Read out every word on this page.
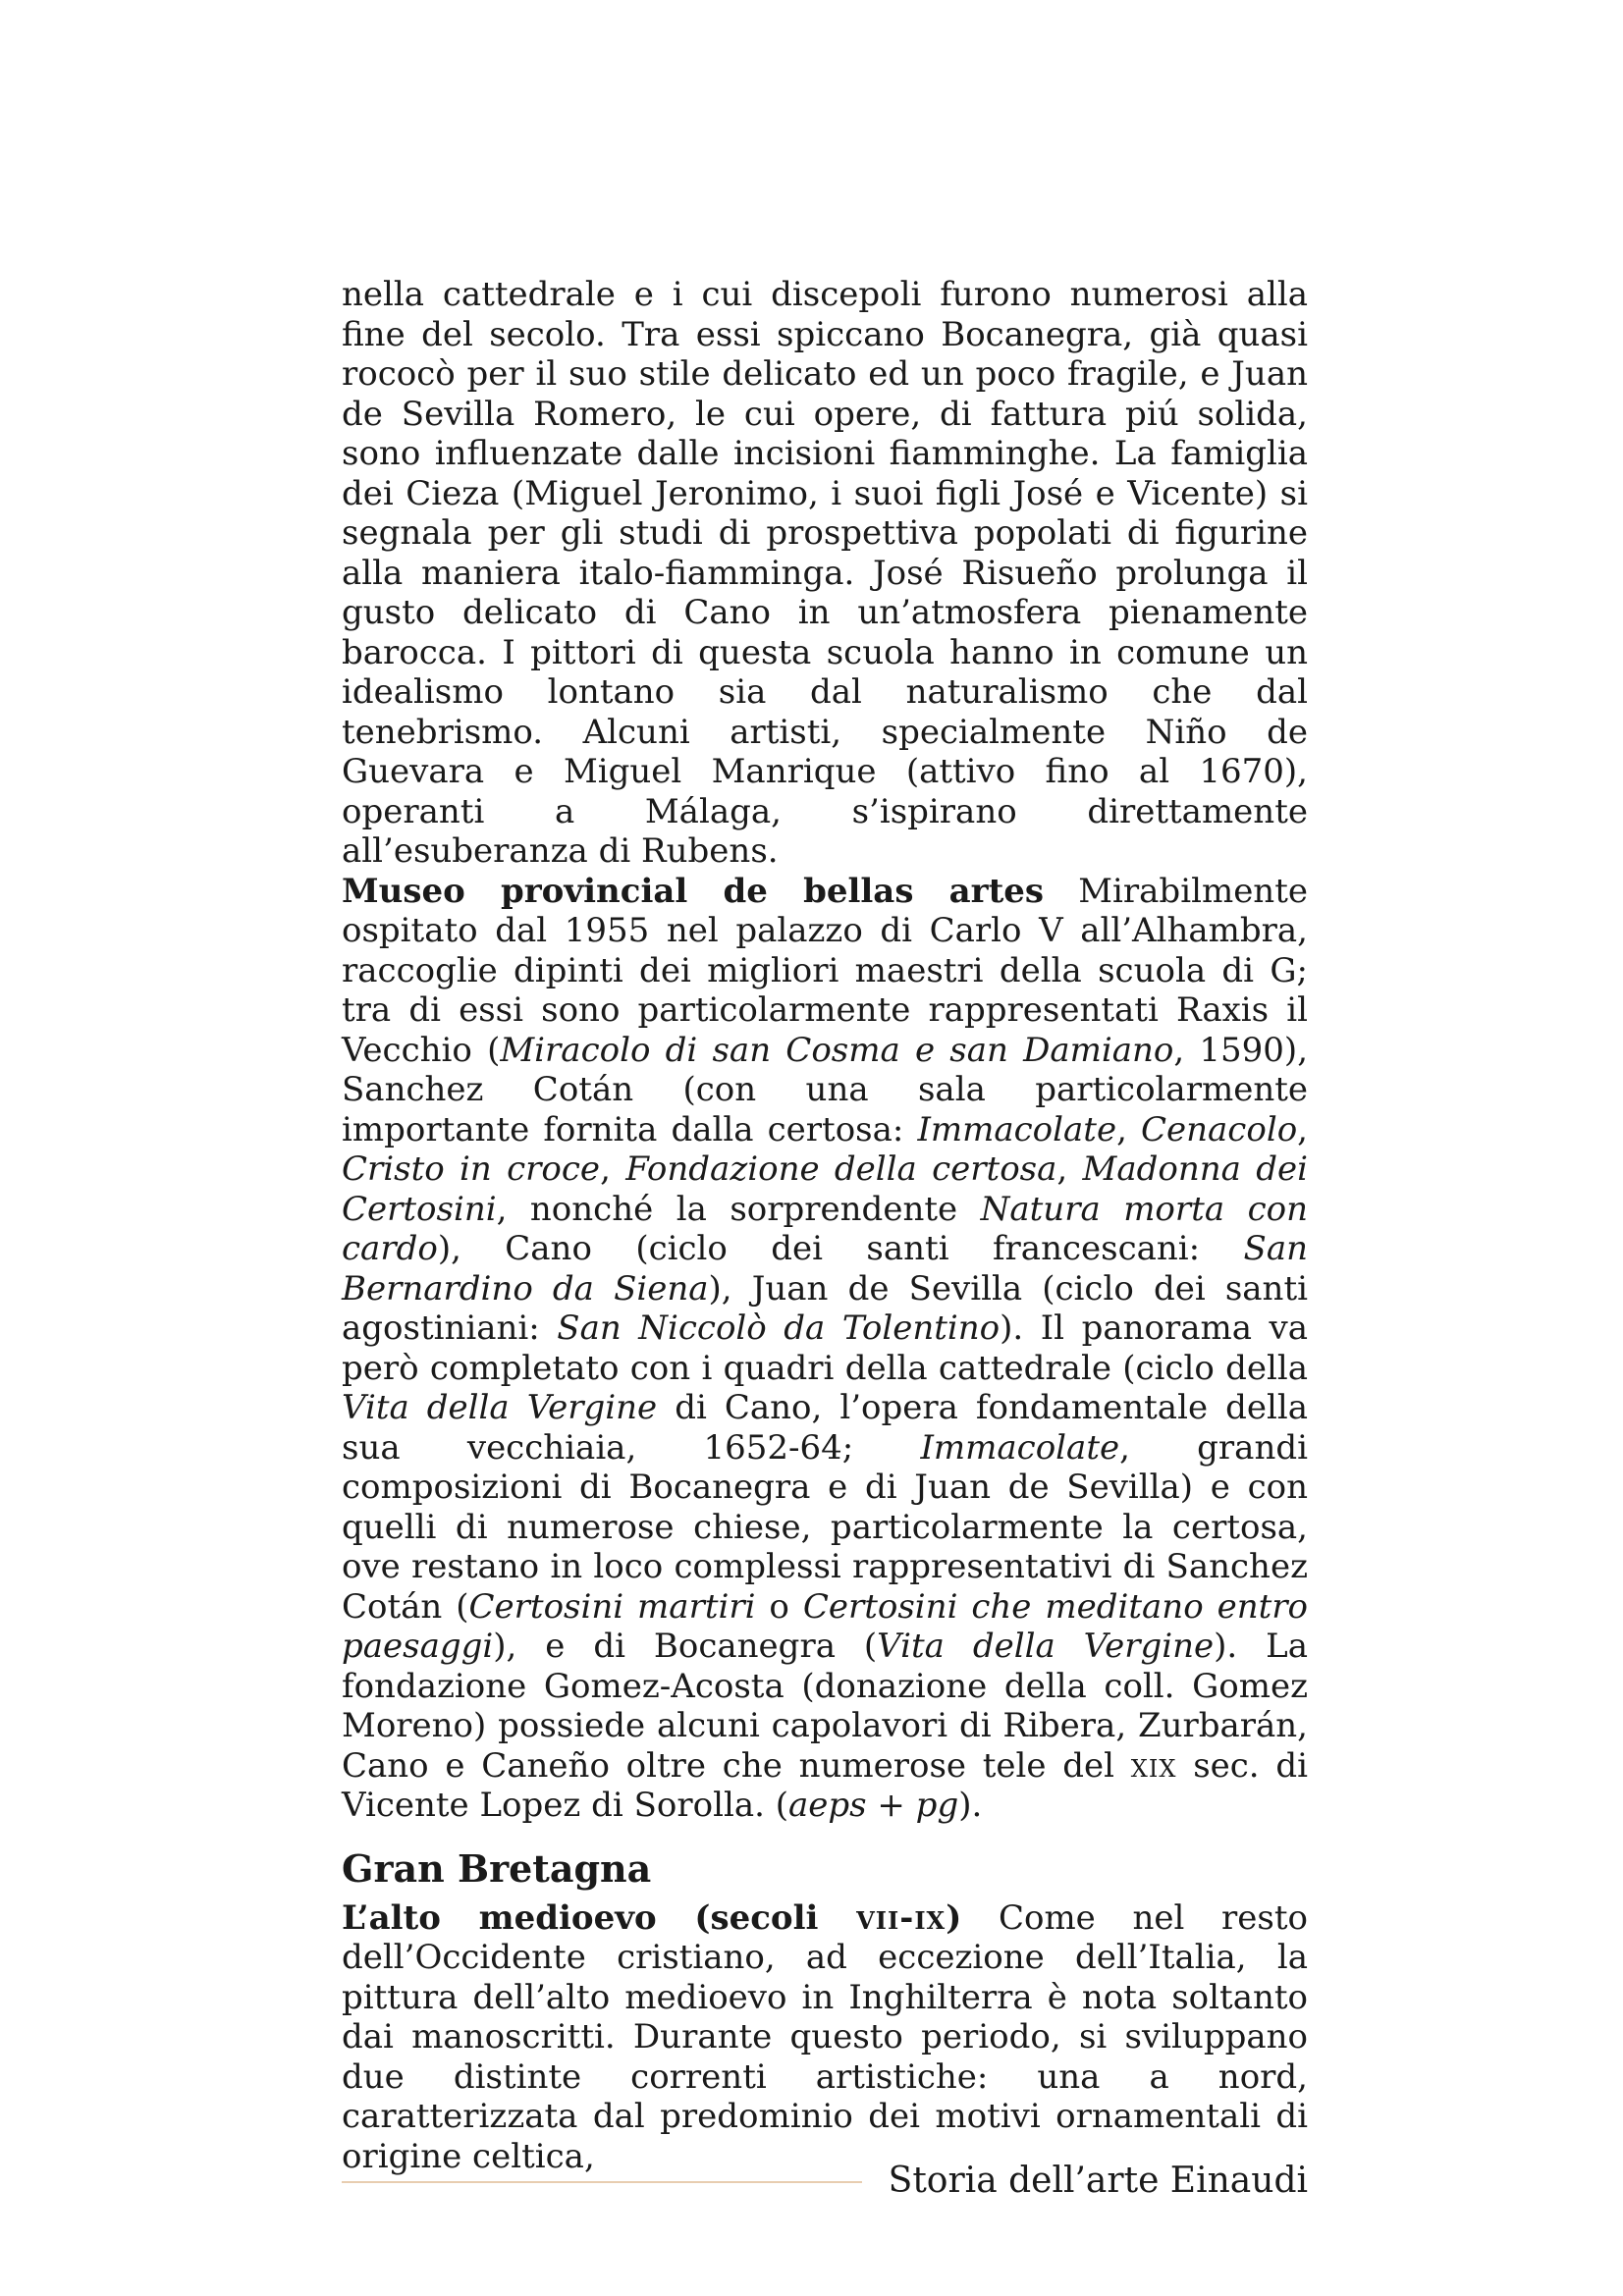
nella cattedrale e i cui discepoli furono numerosi alla fine del secolo. Tra essi spiccano Bocanegra, già quasi rococò per il suo stile delicato ed un poco fragile, e Juan de Sevilla Romero, le cui opere, di fattura piú solida, sono influenzate dalle incisioni fiamminghe. La famiglia dei Cieza (Miguel Jeronimo, i suoi figli José e Vicente) si segnala per gli studi di prospettiva popolati di figurine alla maniera italo-fiamminga. José Risueño prolunga il gusto delicato di Cano in un’atmosfera pienamente barocca. I pittori di questa scuola hanno in comune un idealismo lontano sia dal naturalismo che dal tenebrismo. Alcuni artisti, specialmente Niño de Guevara e Miguel Manrique (attivo fino al 1670), operanti a Málaga, s’ispirano direttamente all’esuberanza di Rubens.

Museo provincial de bellas artes Mirabilmente ospitato dal 1955 nel palazzo di Carlo V all’Alhambra, raccoglie dipinti dei migliori maestri della scuola di G; tra di essi sono particolarmente rappresentati Raxis il Vecchio (Miracolo di san Cosma e san Damiano, 1590), Sanchez Cotán (con una sala particolarmente importante fornita dalla certosa: Immacolate, Cenacolo, Cristo in croce, Fondazione della certosa, Madonna dei Certosini, nonché la sorprendente Natura morta con cardo), Cano (ciclo dei santi francescani: San Bernardino da Siena), Juan de Sevilla (ciclo dei santi agostiniani: San Niccolò da Tolentino). Il panorama va però completato con i quadri della cattedrale (ciclo della Vita della Vergine di Cano, l’opera fondamentale della sua vecchiaia, 1652-64; Immacolate, grandi composizioni di Bocanegra e di Juan de Sevilla) e con quelli di numerose chiese, particolarmente la certosa, ove restano in loco complessi rappresentativi di Sanchez Cotán (Certosini martiri o Certosini che meditano entro paesaggi), e di Bocanegra (Vita della Vergine). La fondazione Gomez-Acosta (donazione della coll. Gomez Moreno) possiede alcuni capolavori di Ribera, Zurbarán, Cano e Caneño oltre che numerose tele del xix sec. di Vicente Lopez di Sorolla. (aeps + pg).

Gran Bretagna

L’alto medioevo (secoli vii-ix) Come nel resto dell’Occidente cristiano, ad eccezione dell’Italia, la pittura dell’alto medioevo in Inghilterra è nota soltanto dai manoscritti. Durante questo periodo, si sviluppano due distinte correnti artistiche: una a nord, caratterizzata dal predominio dei motivi ornamentali di origine celtica,

Storia dell’arte Einaudi
